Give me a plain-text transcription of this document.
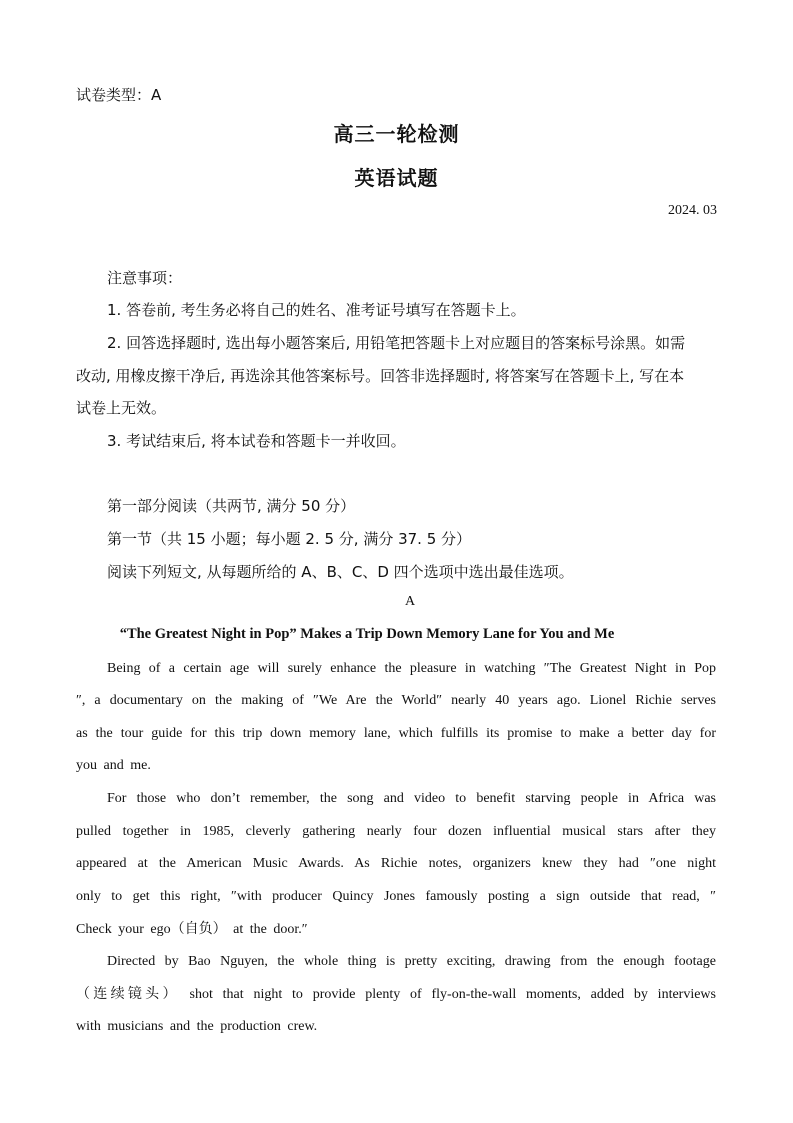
试卷类型：A
高三一轮检测
英语试题
2024. 03
注意事项：
1. 答卷前, 考生务必将自己的姓名、准考证号填写在答题卡上。
2. 回答选择题时, 选出每小题答案后, 用铅笔把答题卡上对应题目的答案标号涂黑。如需
改动, 用橡皮擦干净后, 再选涂其他答案标号。回答非选择题时, 将答案写在答题卡上, 写在本
试卷上无效。
3. 考试结束后, 将本试卷和答题卡一并收回。
第一部分阅读（共两节, 满分 50 分）
第一节（共 15 小题；每小题 2. 5 分, 满分 37. 5 分）
阅读下列短文, 从每题所给的 A、B、C、D 四个选项中选出最佳选项。
A
“The Greatest Night in Pop” Makes a Trip Down Memory Lane for You and Me
Being of a certain age will surely enhance the pleasure in watching ″The Greatest Night in Pop
″, a documentary on the making of ″We Are the World″ nearly 40 years ago. Lionel Richie serves
as the tour guide for this trip down memory lane, which fulfills its promise to make a better day for
you and me.
For those who don’t remember, the song and video to benefit starving people in Africa was
pulled together in 1985, cleverly gathering nearly four dozen influential musical stars after they
appeared at the American Music Awards. As Richie notes, organizers knew they had ″one night
only to get this right, ″with producer Quincy Jones famously posting a sign outside that read, ″
Check your ego（自负） at the door.″
Directed by Bao Nguyen, the whole thing is pretty exciting, drawing from the enough footage
（连续镜头） shot that night to provide plenty of fly-on-the-wall moments, added by interviews
with musicians and the production crew.
